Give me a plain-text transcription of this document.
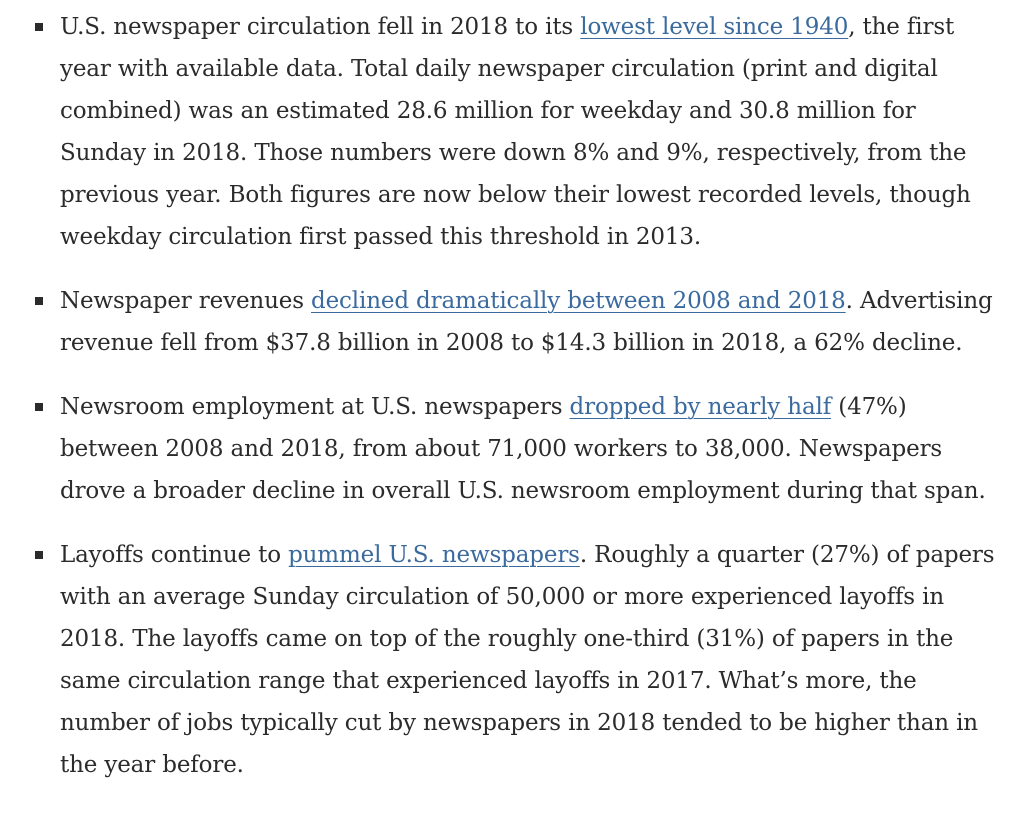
U.S. newspaper circulation fell in 2018 to its lowest level since 1940, the first year with available data. Total daily newspaper circulation (print and digital combined) was an estimated 28.6 million for weekday and 30.8 million for Sunday in 2018. Those numbers were down 8% and 9%, respectively, from the previous year. Both figures are now below their lowest recorded levels, though weekday circulation first passed this threshold in 2013.
Newspaper revenues declined dramatically between 2008 and 2018. Advertising revenue fell from $37.8 billion in 2008 to $14.3 billion in 2018, a 62% decline.
Newsroom employment at U.S. newspapers dropped by nearly half (47%) between 2008 and 2018, from about 71,000 workers to 38,000. Newspapers drove a broader decline in overall U.S. newsroom employment during that span.
Layoffs continue to pummel U.S. newspapers. Roughly a quarter (27%) of papers with an average Sunday circulation of 50,000 or more experienced layoffs in 2018. The layoffs came on top of the roughly one-third (31%) of papers in the same circulation range that experienced layoffs in 2017. What’s more, the number of jobs typically cut by newspapers in 2018 tended to be higher than in the year before.
